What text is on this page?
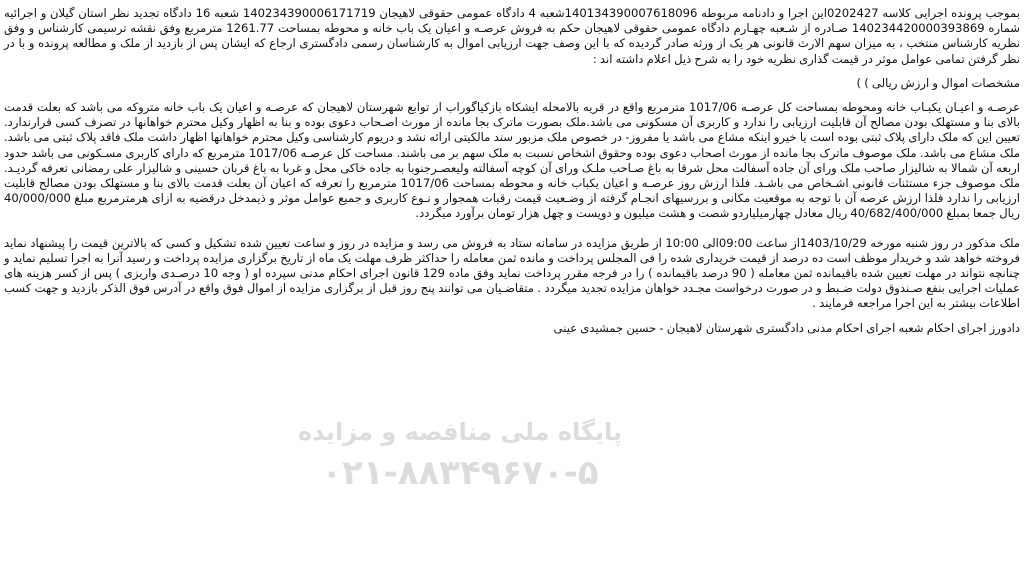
پایگاه ملی مناقصه و مزایده
۰۲۱-۸۸۳۴۹۶۷۰-۵

بموجب پرونده اجرایی کلاسه 0202427این اجرا و دادنامه مربوطه 140134390007618096شعبه 4 دادگاه عمومی حقوقی لاهیجان 140234390006171719 شعبه 16 دادگاه تجدید نظر استان گیلان و اجرائیه شماره 140234420000393869 صـادره از شـعبه چهـارم دادگاه عمومی حقوقی لاهیجان حکم به فروش عرصـه و اعیان یک باب خانه و محوطه بمساحت 1261.77 مترمربع وفق نقشه ترسیمی کارشناس و وفق نظریه کارشناس منتخب ، به میزان سهم الارث قانونی هر یک از ورثه صادر گردیده که با این وصف جهت ارزیابی اموال به کارشناسان رسمی دادگستری ارجاع که ایشان پس از بازدید از ملک و مطالعه پرونده و با در نظر گرفتن تمامی عوامل موثر در قیمت گذاری نظریه خود را به شرح ذیل اعلام داشته اند :

مشخصات اموال و ارزش ریالی ) )

عرصـه و اعیـان یکبـاب خانه ومحوطه بمساحت کل عرصـه 1017/06 مترمربع واقع در قریه بالامحله ایشکاه بازکیاگوراب از توابع شهرستان لاهیجان که عرصـه و اعیان یک باب خانه متروکه می باشد که بعلت قدمت بالای بنا و مستهلک بودن مصالح آن قابلیت ارزیابی را ندارد و کاربری آن مسکونی می باشد.ملک بصورت ماترک بجا مانده از مورث اصـحاب دعوی بوده و بنا به اظهار وکیل محترم خواهانها در تصرف کسی قرارندارد. تعیین این که ملک دارای پلاک ثبتی بوده است یا خیرو اینکه مشاع می باشد یا مفروز- در خصوص ملک مزبور سند مالکیتی ارائه نشد و دریوم کارشناسی وکیل محترم خواهانها اظهار داشت ملک فاقد پلاک ثبتی می باشد. ملک مشاع می باشد. ملک موصوف ماترک بجا مانده از مورث اصحاب دعوی بوده وحقوق اشخاص نسبت به ملک سهم بر می باشند. مساحت کل عرصـه 1017/06 مترمربع که دارای کاربری مسـکونی می باشد حدود اربعه آن شمالا به شالیزار صاحب ملک ورای آن جاده آسفالت محل شرقا به باغ صـاحب ملـک ورای آن کوچه آسفالته ولیعصـرجنوبا به جاده خاکی محل و غربا به باغ قربان حسینی و شالیزار علی رمضانی تعرفه گردیـد. ملک موصوف جزء مستثنات قانونی اشـخاص می باشـد. فلذا ارزش روز عرصـه و اعیان یکباب خانه و محوطه بمساحت 1017/06 مترمربع را تعرفه که اعیان آن بعلت قدمت بالای بنا و مستهلک بودن مصالح قابلیت ارزیابی را ندارد فلذا ارزش عرصه آن با توجه به موقعیت مکانی و بررسیهای انجـام گرفته از وضـعیت قیمت رقبات همجوار و نـوع کاربری و جمیع عوامل موثر و ذیمدخل درقضیه به ازای هرمترمربع مبلغ 40/000/000 ریال جمعا بمبلغ 40/682/400/000 ریال معادل چهارمیلیاردو شصت و هشت میلیون و دویست و چهل هزار تومان برآورد میگردد.

ملک مذکور در روز شنبه مورخه 1403/10/29از ساعت 09:00الی 10:00 از طریق مزایده در سامانه ستاد به فروش می رسد و مزایده در روز و ساعت تعیین شده تشکیل و کسی که بالاترین قیمت را پیشنهاد نماید فروخته خواهد شد و خریدار موظف است ده درصد از قیمت خریداری شده را فی المجلس پرداخت و مانده ثمن معامله را حداکثر ظرف مهلت یک ماه از تاریخ برگزاری مزایده پرداخت و رسید آنرا به اجرا تسلیم نماید و چنانچه نتواند در مهلت تعیین شده باقیمانده ثمن معامله ( 90 درصد باقیمانده ) را در فرجه مقرر پرداخت نماید وفق ماده 129 قانون اجرای احکام مدنی سپرده او ( وجه 10 درصـدی واریزی ) پس از کسر هزینه های عملیات اجرایی بنفع صـندوق دولت ضـبط و در صورت درخواست مجـدد خواهان مزایده تجدید میگردد . متقاضـیان می توانند پنج روز قبل از برگزاری مزایده از اموال فوق واقع در آدرس فوق الذکر بازدید و جهت کسب اطلاعات بیشتر به این اجرا مراجعه فرمایند .

دادورز اجرای احکام شعبه اجرای احکام مدنی دادگستری شهرستان لاهیجان - حسین جمشیدی عینی
